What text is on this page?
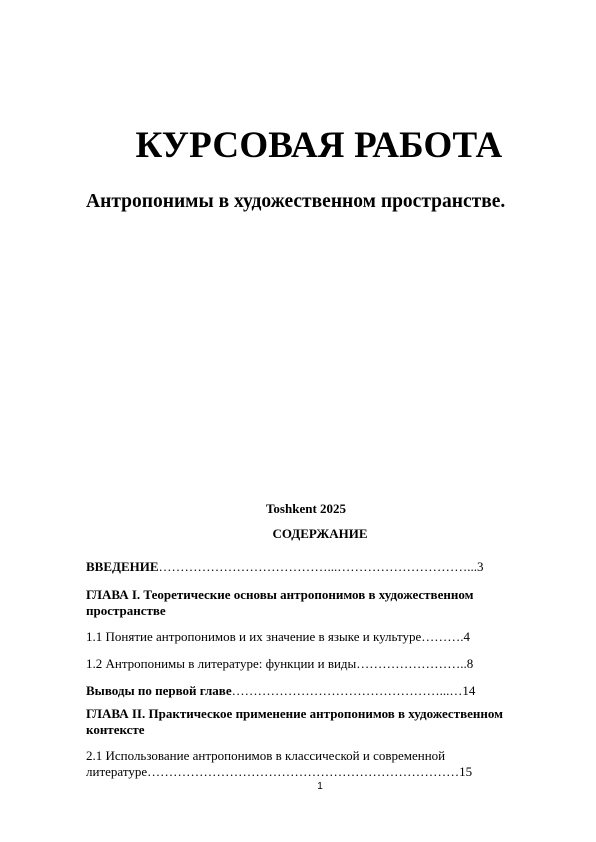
КУРСОВАЯ РАБОТА
Антропонимы в художественном пространстве.
Toshkent 2025
СОДЕРЖАНИЕ
ВВЕДЕНИЕ…………………………………...…………………………...3
ГЛАВА I. Теоретические основы антропонимов в художественном пространстве
1.1 Понятие антропонимов и их значение в языке и культуре……….4
1.2 Антропонимы в литературе: функции и виды……………………..8
Выводы по первой главе…………………………………………...…14
ГЛАВА II. Практическое применение антропонимов в художественном контексте
2.1 Использование антропонимов в классической и современной литературе………………………………………………………………15
1
